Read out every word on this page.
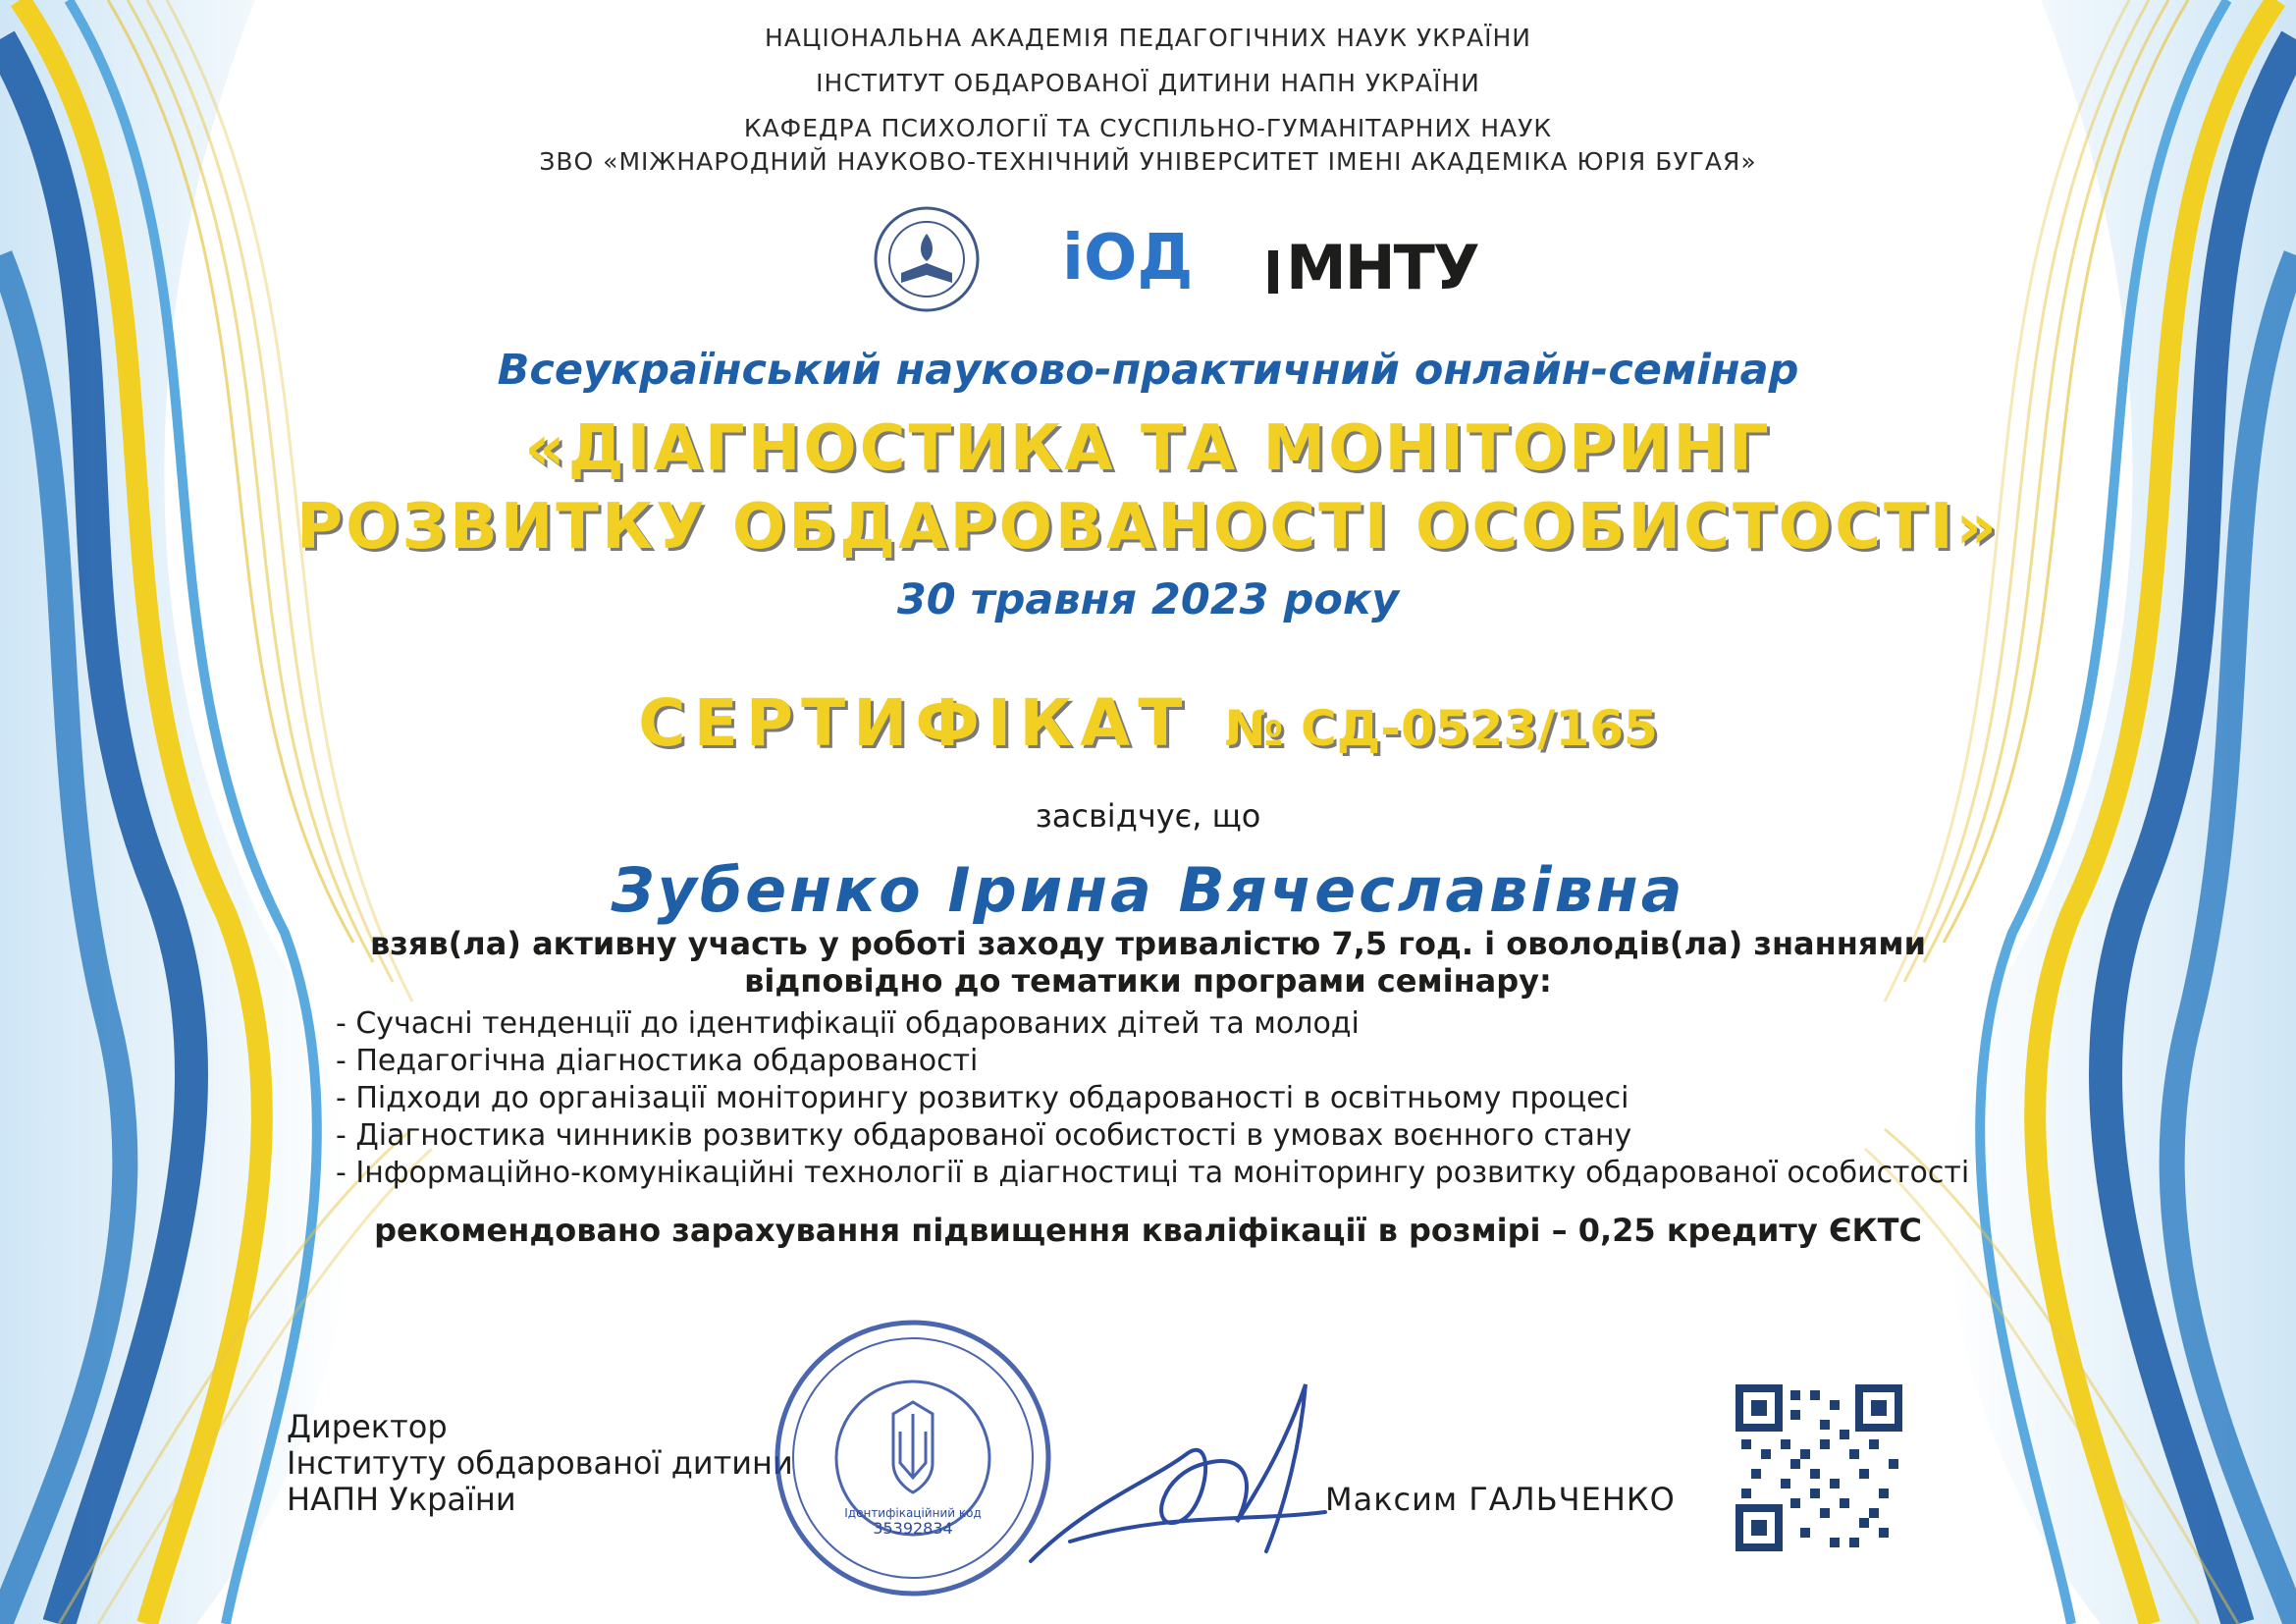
НАЦІОНАЛЬНА АКАДЕМІЯ ПЕДАГОГІЧНИХ НАУК УКРАЇНИ
ІНСТИТУТ ОБДАРОВАНОЇ ДИТИНИ НАПН УКРАЇНИ
КАФЕДРА ПСИХОЛОГІЇ ТА СУСПІЛЬНО-ГУМАНІТАРНИХ НАУК
ЗВО «МІЖНАРОДНИЙ НАУКОВО-ТЕХНІЧНИЙ УНІВЕРСИТЕТ ІМЕНІ АКАДЕМІКА ЮРІЯ БУГАЯ»
іОД МНТУ
Всеукраїнський науково-практичний онлайн-семінар
«ДІАГНОСТИКА ТА МОНІТОРИНГ
РОЗВИТКУ ОБДАРОВАНОСТІ ОСОБИСТОСТІ»
30 травня 2023 року
СЕРТИФІКАТ № СД-0523/165
засвідчує, що
Зубенко Ірина Вячеславівна
взяв(ла) активну участь у роботі заходу тривалістю 7,5 год. і оволодів(ла) знаннями
відповідно до тематики програми семінару:
- Сучасні тенденції до ідентифікації обдарованих дітей та молоді
- Педагогічна діагностика обдарованості
- Підходи до організації моніторингу розвитку обдарованості в освітньому процесі
- Діагностика чинників розвитку обдарованої особистості в умовах воєнного стану
- Інформаційно-комунікаційні технології в діагностиці та моніторингу розвитку обдарованої особистості
рекомендовано зарахування підвищення кваліфікації в розмірі – 0,25 кредиту ЄКТС
Директор
Інституту обдарованої дитини
НАПН України	Ідентифікаційний код
35392834
Максим ГАЛЬЧЕНКО
